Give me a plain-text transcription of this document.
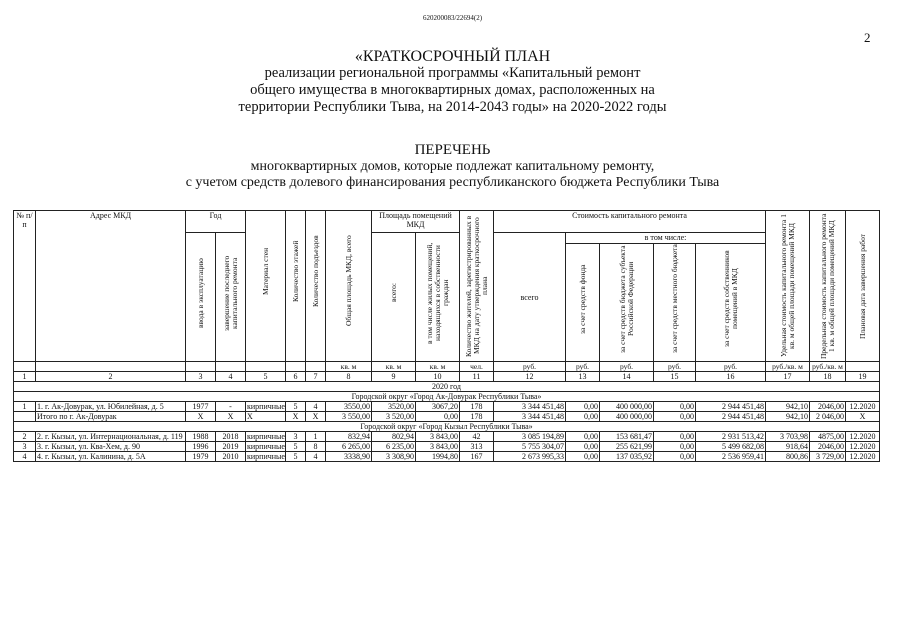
620200083/22694(2)
2
«КРАТКОСРОЧНЫЙ ПЛАН
реализации региональной программы «Капитальный ремонт
общего имущества в многоквартирных домах, расположенных на
территории Республики Тыва, на 2014-2043 годы» на 2020-2022 годы
ПЕРЕЧЕНЬ
многоквартирных домов, которые подлежат капитальному ремонту,
с учетом средств долевого финансирования республиканского бюджета Республики Тыва
№ п/п	Адрес МКД	Год		Материал стен	Количество этажей	Количество подъездов	Общая площадь МКД, всего	Площадь помещений МКД		Количество жителей, зарегистрированных в МКД на дату утверждения краткосрочного плана	Стоимость капитального ремонта					Удельная стоимость капитального ремонта 1 кв. м общей площади помещений МКД	Предельная стоимость капитального ремонта 1 кв. м общей площади помещений МКД	Плановая дата завершения работ

		ввода в эксплуатацию	завершение последнего капитального ремонта					всего:	в том числе жилых помещений, находящихся в собственности граждан		всего	в том числе:						

												за счет средств фонда	за счет средств бюджета субъекта Российской Федерации	за счет средств местного бюджета	за счет средств собственников помещений в МКД			

							кв. м	кв. м	кв. м	чел.	руб.	руб.	руб.	руб.	руб.	руб./кв. м	руб./кв. м	
1	2	3	4	5	6	7	8	9	10	11	12	13	14	15	16	17	18	19
2020 год																		
Городской округ «Город Ак-Довурак Республики Тыва»																		
1	1. г. Ак-Довурак, ул. Юбилейная, д. 5	1977	-	кирпичные	5	4	3550,00	3520,00	3067,20	178	3 344 451,48	0,00	400 000,00	0,00	2 944 451,48	942,10	2046,00	12.2020
	Итого по г. Ак-Довурак	X	X	X	X	X	3 550,00	3 520,00	0,00	178	3 344 451,48	0,00	400 000,00	0,00	2 944 451,48	942,10	2 046,00	X
Городской округ «Город Кызыл Республики Тыва»																		
2	2. г. Кызыл, ул. Интернациональная, д. 119	1988	2018	кирпичные	3	1	832,94	802,94	3 843,00	42	3 085 194,89	0,00	153 681,47	0,00	2 931 513,42	3 703,98	4875,00	12.2020
3	3. г. Кызыл, ул. Ква-Хем, д. 90	1996	2019	кирпичные	5	8	6 265,00	6 235,00	3 843,00	313	5 755 304,07	0,00	255 621,99	0,00	5 499 682,08	918,64	2046,00	12.2020
4	4. г. Кызыл, ул. Калинина, д. 5А	1979	2010	кирпичные	5	4	3338,90	3 308,90	1994,80	167	2 673 995,33	0,00	137 035,92	0,00	2 536 959,41	800,86	3 729,00	12.2020
